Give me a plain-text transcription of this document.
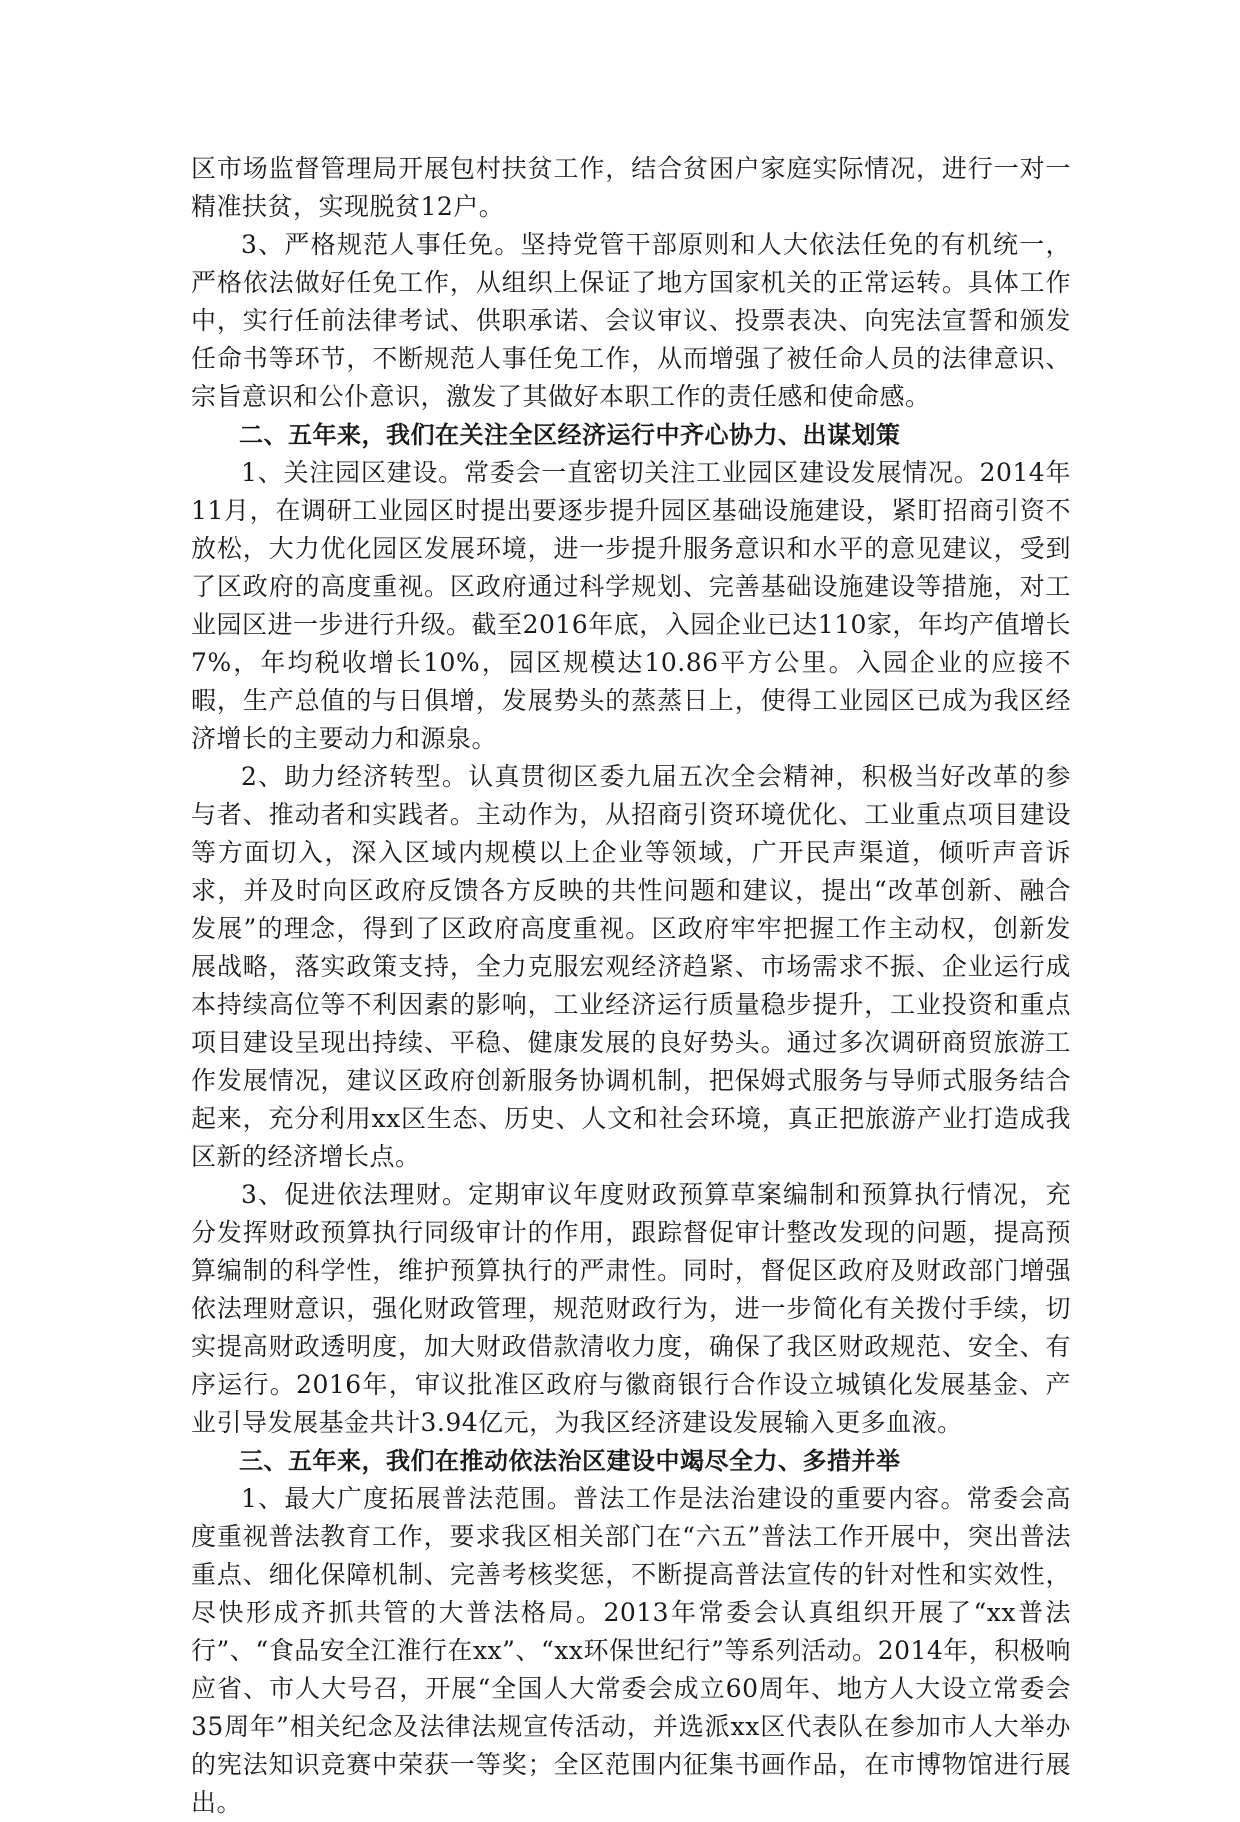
区市场监督管理局开展包村扶贫工作，结合贫困户家庭实际情况，进行一对一精准扶贫，实现脱贫12户。

3、严格规范人事任免。坚持党管干部原则和人大依法任免的有机统一，严格依法做好任免工作，从组织上保证了地方国家机关的正常运转。具体工作中，实行任前法律考试、供职承诺、会议审议、投票表决、向宪法宣誓和颁发任命书等环节，不断规范人事任免工作，从而增强了被任命人员的法律意识、宗旨意识和公仆意识，激发了其做好本职工作的责任感和使命感。

二、五年来，我们在关注全区经济运行中齐心协力、出谋划策

1、关注园区建设。常委会一直密切关注工业园区建设发展情况。2014年11月，在调研工业园区时提出要逐步提升园区基础设施建设，紧盯招商引资不放松，大力优化园区发展环境，进一步提升服务意识和水平的意见建议，受到了区政府的高度重视。区政府通过科学规划、完善基础设施建设等措施，对工业园区进一步进行升级。截至2016年底，入园企业已达110家，年均产值增长7%，年均税收增长10%，园区规模达10.86平方公里。入园企业的应接不暇，生产总值的与日俱增，发展势头的蒸蒸日上，使得工业园区已成为我区经济增长的主要动力和源泉。

2、助力经济转型。认真贯彻区委九届五次全会精神，积极当好改革的参与者、推动者和实践者。主动作为，从招商引资环境优化、工业重点项目建设等方面切入，深入区域内规模以上企业等领域，广开民声渠道，倾听声音诉求，并及时向区政府反馈各方反映的共性问题和建议，提出“改革创新、融合发展”的理念，得到了区政府高度重视。区政府牢牢把握工作主动权，创新发展战略，落实政策支持，全力克服宏观经济趋紧、市场需求不振、企业运行成本持续高位等不利因素的影响，工业经济运行质量稳步提升，工业投资和重点项目建设呈现出持续、平稳、健康发展的良好势头。通过多次调研商贸旅游工作发展情况，建议区政府创新服务协调机制，把保姆式服务与导师式服务结合起来，充分利用xx区生态、历史、人文和社会环境，真正把旅游产业打造成我区新的经济增长点。

3、促进依法理财。定期审议年度财政预算草案编制和预算执行情况，充分发挥财政预算执行同级审计的作用，跟踪督促审计整改发现的问题，提高预算编制的科学性，维护预算执行的严肃性。同时，督促区政府及财政部门增强依法理财意识，强化财政管理，规范财政行为，进一步简化有关拨付手续，切实提高财政透明度，加大财政借款清收力度，确保了我区财政规范、安全、有序运行。2016年，审议批准区政府与徽商银行合作设立城镇化发展基金、产业引导发展基金共计3.94亿元，为我区经济建设发展输入更多血液。

三、五年来，我们在推动依法治区建设中竭尽全力、多措并举

1、最大广度拓展普法范围。普法工作是法治建设的重要内容。常委会高度重视普法教育工作，要求我区相关部门在“六五”普法工作开展中，突出普法重点、细化保障机制、完善考核奖惩，不断提高普法宣传的针对性和实效性，尽快形成齐抓共管的大普法格局。2013年常委会认真组织开展了“xx普法行”、“食品安全江淮行在xx”、“xx环保世纪行”等系列活动。2014年，积极响应省、市人大号召，开展“全国人大常委会成立60周年、地方人大设立常委会35周年”相关纪念及法律法规宣传活动，并选派xx区代表队在参加市人大举办的宪法知识竞赛中荣获一等奖；全区范围内征集书画作品，在市博物馆进行展出。
